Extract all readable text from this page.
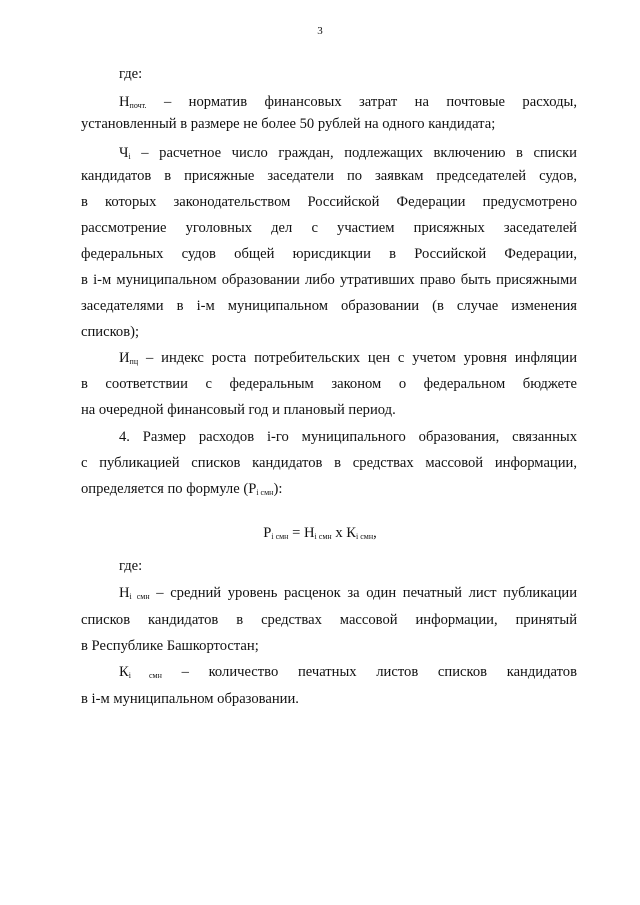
3
где:
$Н_{почт.}$ – норматив финансовых затрат на почтовые расходы,
установленный в размере не более 50 рублей на одного кандидата;
$Ч_i$ – расчетное число граждан, подлежащих включению в списки
кандидатов в присяжные заседатели по заявкам председателей судов,
в которых законодательством Российской Федерации предусмотрено
рассмотрение уголовных дел с участием присяжных заседателей
федеральных судов общей юрисдикции в Российской Федерации,
в i-м муниципальном образовании либо утративших право быть присяжными
заседателями в i-м муниципальном образовании (в случае изменения
списков);
$И_{пц}$ – индекс роста потребительских цен с учетом уровня инфляции
в соответствии с федеральным законом о федеральном бюджете
на очередной финансовый год и плановый период.
4. Размер расходов i-го муниципального образования, связанных
с публикацией списков кандидатов в средствах массовой информации,
определяется по формуле $(Р_{i смн})$:
$Р_{i смн} = Н_{i смн}$ х $К_{i смн}$,
где:
$Н_{i смн}$ – средний уровень расценок за один печатный лист публикации
списков кандидатов в средствах массовой информации, принятый
в Республике Башкортостан;
$К_{i смн}$ – количество печатных листов списков кандидатов
в i-м муниципальном образовании.
